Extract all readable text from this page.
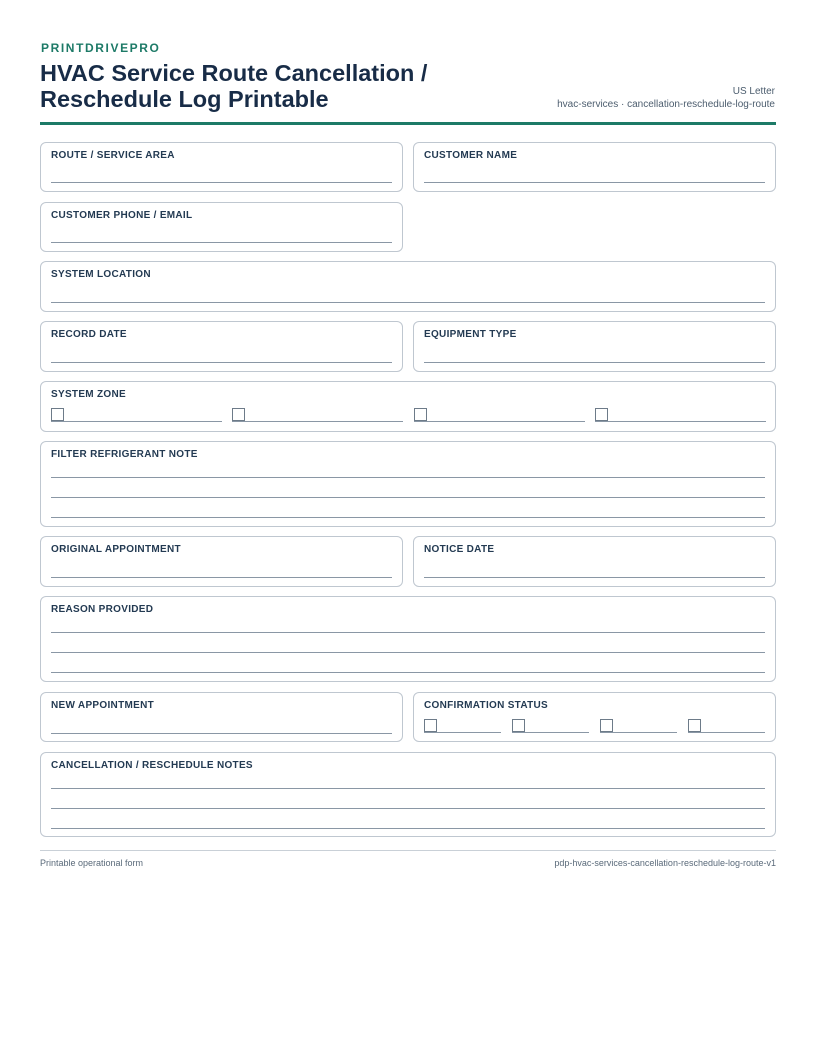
PRINTDRIVEPRO
HVAC Service Route Cancellation / Reschedule Log Printable	US Letter
hvac-services · cancellation-reschedule-log-route
ROUTE / SERVICE AREA	CUSTOMER NAME
CUSTOMER PHONE / EMAIL
SYSTEM LOCATION
RECORD DATE	EQUIPMENT TYPE
SYSTEM ZONE
FILTER REFRIGERANT NOTE
ORIGINAL APPOINTMENT	NOTICE DATE
REASON PROVIDED
NEW APPOINTMENT	CONFIRMATION STATUS
CANCELLATION / RESCHEDULE NOTES
Printable operational form	pdp-hvac-services-cancellation-reschedule-log-route-v1
